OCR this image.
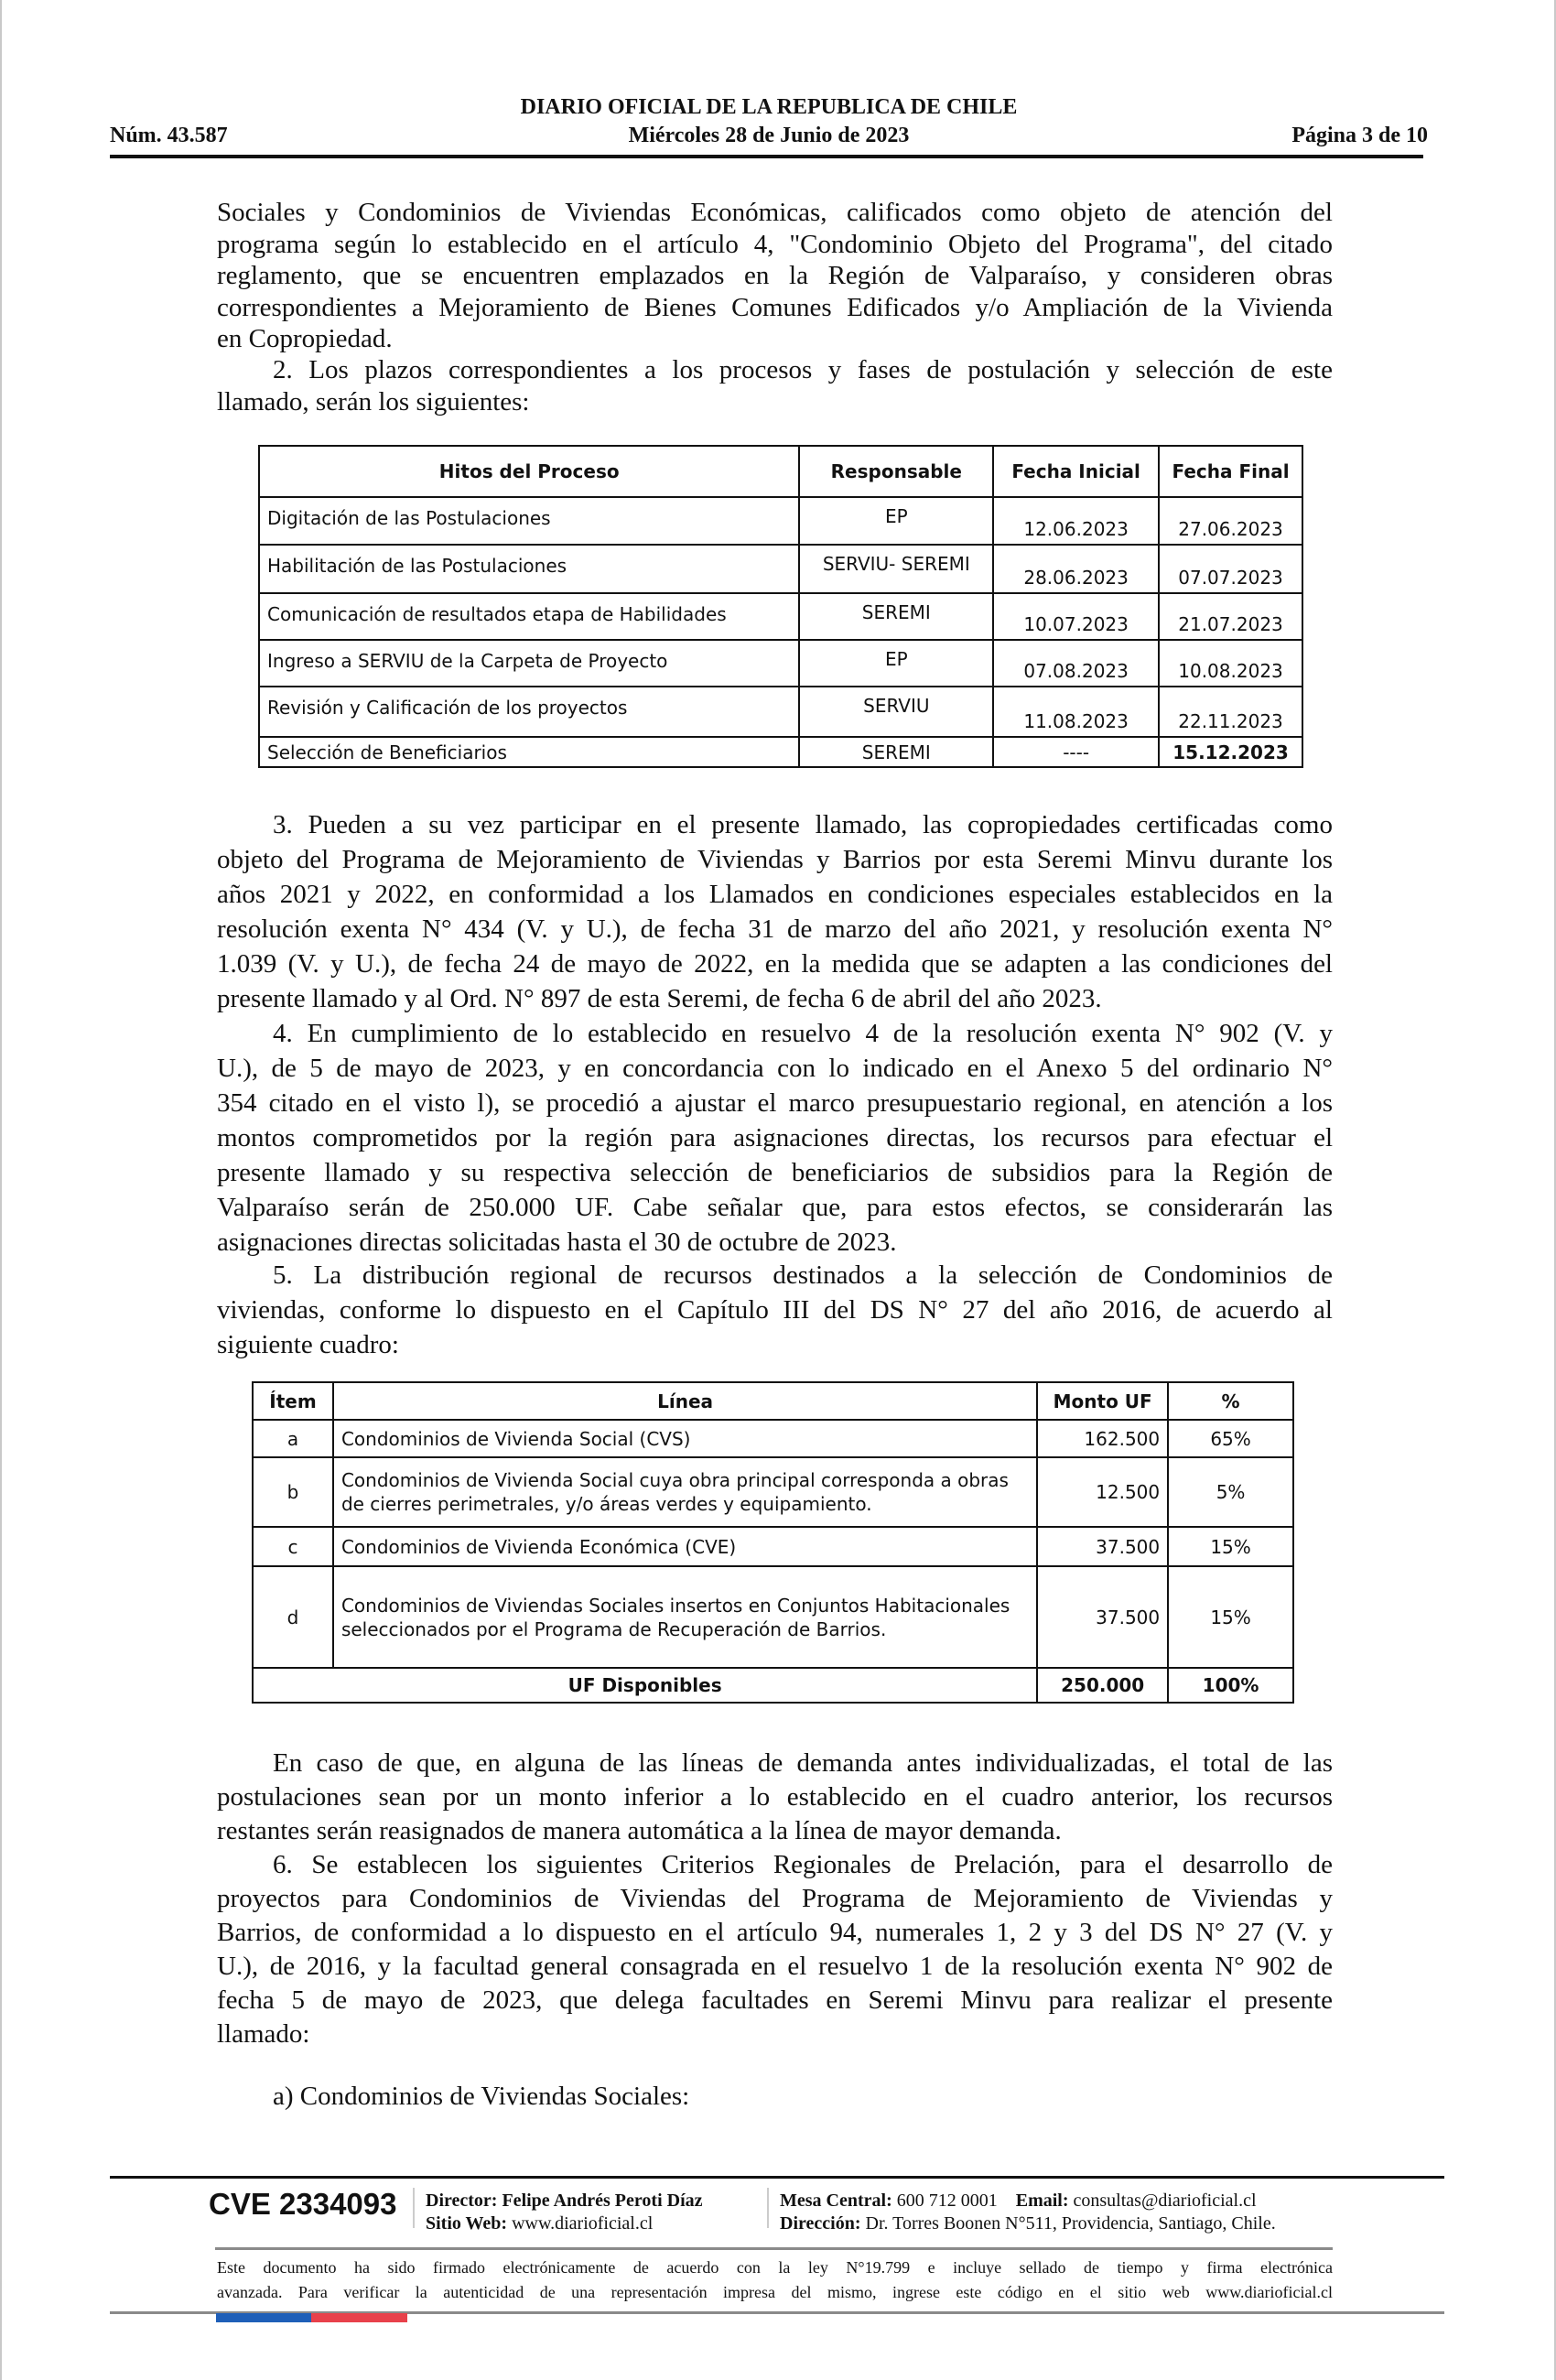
DIARIO OFICIAL DE LA REPUBLICA DE CHILE
Núm. 43.587	Miércoles 28 de Junio de 2023	Página 3 de 10
Sociales y Condominios de Viviendas Económicas, calificados como objeto de atención del
programa según lo establecido en el artículo 4, "Condominio Objeto del Programa", del citado
reglamento, que se encuentren emplazados en la Región de Valparaíso, y consideren obras
correspondientes a Mejoramiento de Bienes Comunes Edificados y/o Ampliación de la Vivienda
en Copropiedad.
2. Los plazos correspondientes a los procesos y fases de postulación y selección de este
llamado, serán los siguientes:
Hitos del Proceso	Responsable	Fecha Inicial	Fecha Final
Digitación de las Postulaciones	EP	12.06.2023	27.06.2023
Habilitación de las Postulaciones	SERVIU- SEREMI	28.06.2023	07.07.2023
Comunicación de resultados etapa de Habilidades	SEREMI	10.07.2023	21.07.2023
Ingreso a SERVIU de la Carpeta de Proyecto	EP	07.08.2023	10.08.2023
Revisión y Calificación de los proyectos	SERVIU	11.08.2023	22.11.2023
Selección de Beneficiarios	SEREMI	----	15.12.2023
3. Pueden a su vez participar en el presente llamado, las copropiedades certificadas como
objeto del Programa de Mejoramiento de Viviendas y Barrios por esta Seremi Minvu durante los
años 2021 y 2022, en conformidad a los Llamados en condiciones especiales establecidos en la
resolución exenta N° 434 (V. y U.), de fecha 31 de marzo del año 2021, y resolución exenta N°
1.039 (V. y U.), de fecha 24 de mayo de 2022, en la medida que se adapten a las condiciones del
presente llamado y al Ord. N° 897 de esta Seremi, de fecha 6 de abril del año 2023.
4. En cumplimiento de lo establecido en resuelvo 4 de la resolución exenta N° 902 (V. y
U.), de 5 de mayo de 2023, y en concordancia con lo indicado en el Anexo 5 del ordinario N°
354 citado en el visto l), se procedió a ajustar el marco presupuestario regional, en atención a los
montos comprometidos por la región para asignaciones directas, los recursos para efectuar el
presente llamado y su respectiva selección de beneficiarios de subsidios para la Región de
Valparaíso serán de 250.000 UF. Cabe señalar que, para estos efectos, se considerarán las
asignaciones directas solicitadas hasta el 30 de octubre de 2023.
5. La distribución regional de recursos destinados a la selección de Condominios de
viviendas, conforme lo dispuesto en el Capítulo III del DS N° 27 del año 2016, de acuerdo al
siguiente cuadro:
Ítem	Línea	Monto UF	%
a	Condominios de Vivienda Social (CVS)	162.500	65%
b	Condominios de Vivienda Social cuya obra principal corresponda a obras de cierres perimetrales, y/o áreas verdes y equipamiento.	12.500	5%
c	Condominios de Vivienda Económica (CVE)	37.500	15%
d	Condominios de Viviendas Sociales insertos en Conjuntos Habitacionales seleccionados por el Programa de Recuperación de Barrios.	37.500	15%
UF Disponibles		250.000	100%
En caso de que, en alguna de las líneas de demanda antes individualizadas, el total de las
postulaciones sean por un monto inferior a lo establecido en el cuadro anterior, los recursos
restantes serán reasignados de manera automática a la línea de mayor demanda.
6. Se establecen los siguientes Criterios Regionales de Prelación, para el desarrollo de
proyectos para Condominios de Viviendas del Programa de Mejoramiento de Viviendas y
Barrios, de conformidad a lo dispuesto en el artículo 94, numerales 1, 2 y 3 del DS N° 27 (V. y
U.), de 2016, y la facultad general consagrada en el resuelvo 1 de la resolución exenta N° 902 de
fecha 5 de mayo de 2023, que delega facultades en Seremi Minvu para realizar el presente
llamado:
a) Condominios de Viviendas Sociales:
CVE 2334093 Director: Felipe Andrés Peroti Díaz
Sitio Web: www.diarioficial.cl
Mesa Central: 600 712 0001 Email: consultas@diarioficial.cl
Dirección: Dr. Torres Boonen N°511, Providencia, Santiago, Chile.
Este documento ha sido firmado electrónicamente de acuerdo con la ley N°19.799 e incluye sellado de tiempo y firma electrónica
avanzada. Para verificar la autenticidad de una representación impresa del mismo, ingrese este código en el sitio web www.diarioficial.cl
